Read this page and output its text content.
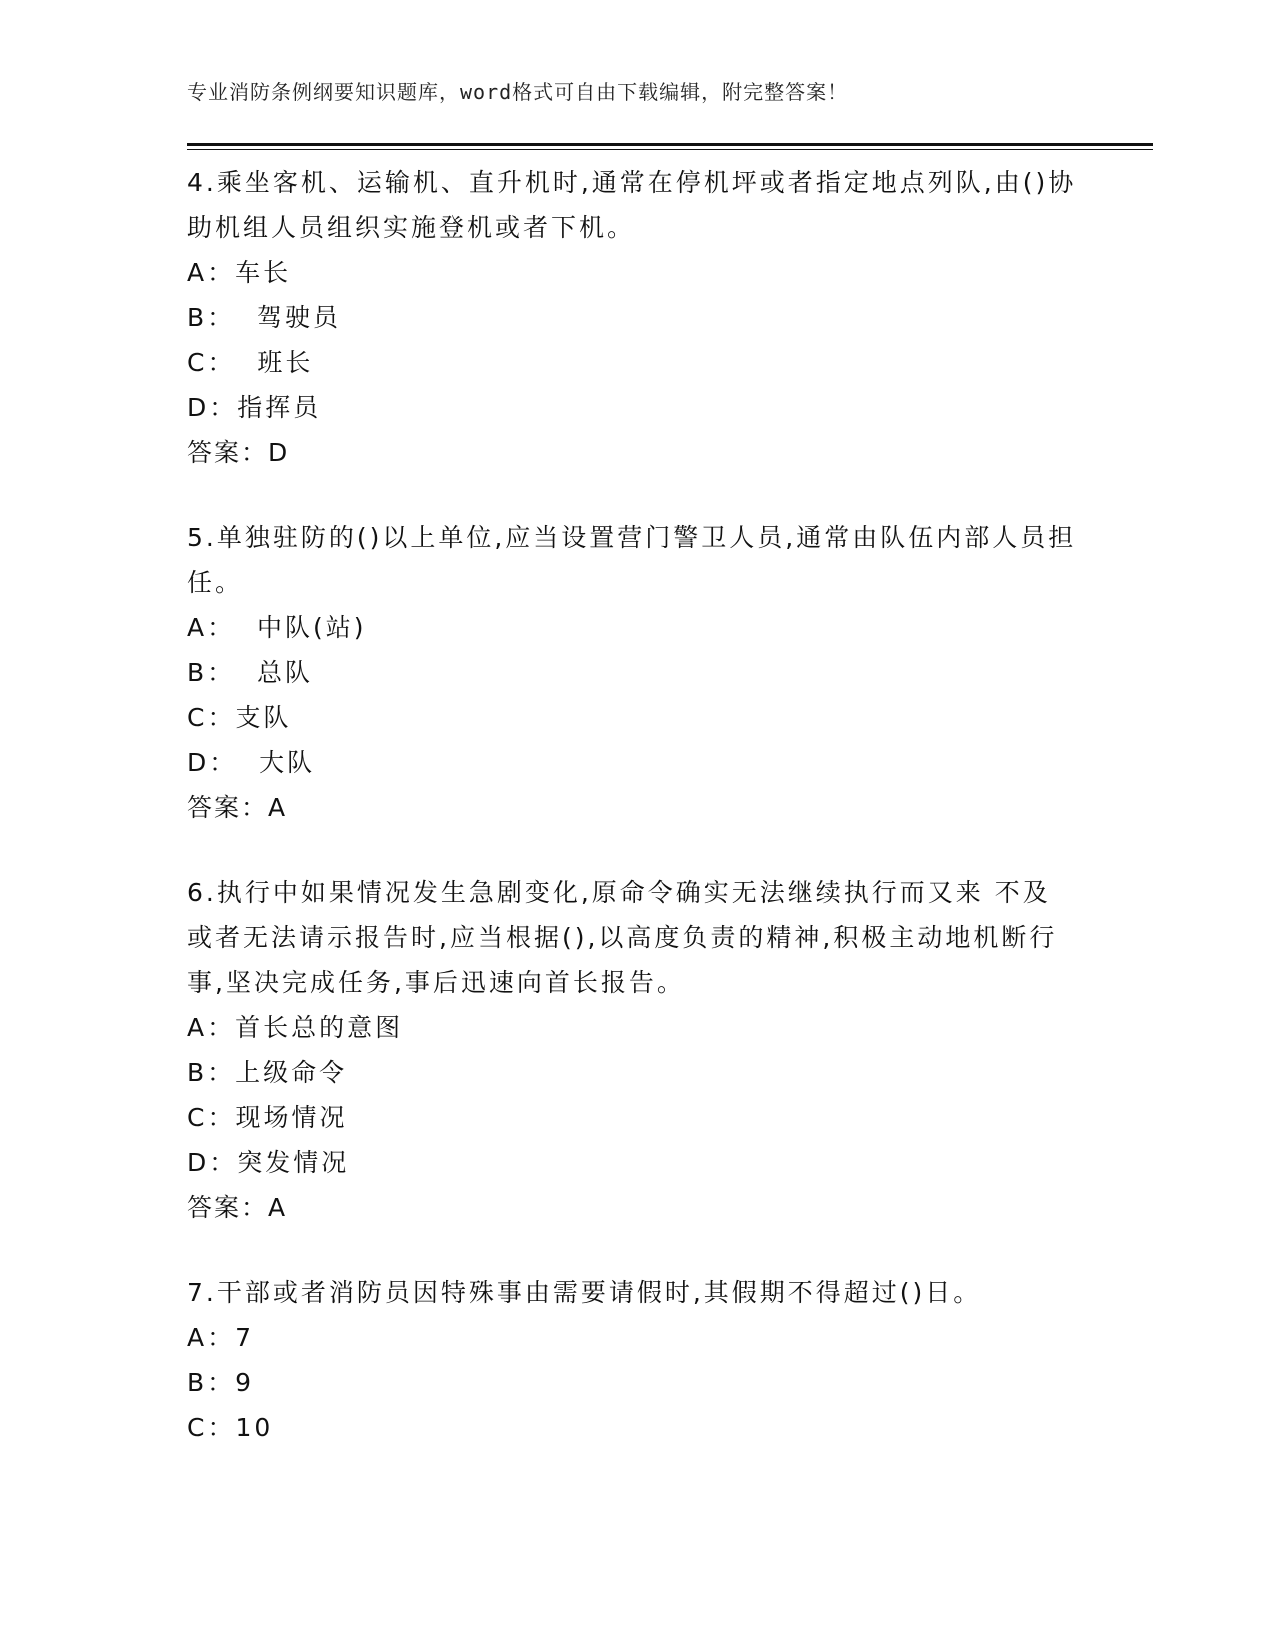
专业消防条例纲要知识题库，word格式可自由下载编辑，附完整答案！

4.乘坐客机、运输机、直升机时,通常在停机坪或者指定地点列队,由()协助机组人员组织实施登机或者下机。

A：车长
B：  驾驶员
C：  班长
D：指挥员
答案：D

5.单独驻防的()以上单位,应当设置营门警卫人员,通常由队伍内部人员担任。

A：  中队(站)
B：  总队
C：支队
D：  大队
答案：A

6.执行中如果情况发生急剧变化,原命令确实无法继续执行而又来 不及或者无法请示报告时,应当根据(),以高度负责的精神,积极主动地机断行事,坚决完成任务,事后迅速向首长报告。

A：首长总的意图
B：上级命令
C：现场情况
D：突发情况
答案：A

7.干部或者消防员因特殊事由需要请假时,其假期不得超过()日。

A：7
B：9
C：10
